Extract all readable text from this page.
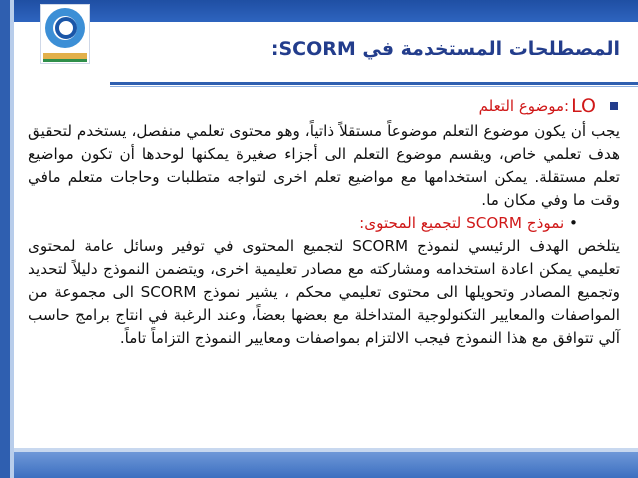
المصطلحات المستخدمة في SCORM:
LO
:موضوع التعلم

يجب أن يكون موضوع التعلم موضوعاً مستقلاً ذاتياً، وهو محتوى تعلمي منفصل، يستخدم لتحقيق هدف تعلمي خاص، ويقسم موضوع التعلم الى أجزاء صغيرة يمكنها لوحدها أن تكون مواضيع تعلم مستقلة. يمكن استخدامها مع مواضيع تعلم اخرى لتواجه متطلبات وحاجات متعلم مافي وقت ما وفي مكان ما.

• نموذج SCORM لتجميع المحتوى:

يتلخص الهدف الرئيسي لنموذج SCORM لتجميع المحتوى في توفير وسائل عامة لمحتوى تعليمي يمكن اعادة استخدامه ومشاركته مع مصادر تعليمية اخرى، ويتضمن النموذج دليلاً لتحديد وتجميع المصادر وتحويلها الى محتوى تعليمي محكم ، يشير نموذج SCORM الى مجموعة من المواصفات والمعايير التكنولوجية المتداخلة مع بعضها بعضاً، وعند الرغبة في انتاج برامج حاسب آلي تتوافق مع هذا النموذج فيجب الالتزام بمواصفات ومعايير النموذج التزاماً تاماً.
